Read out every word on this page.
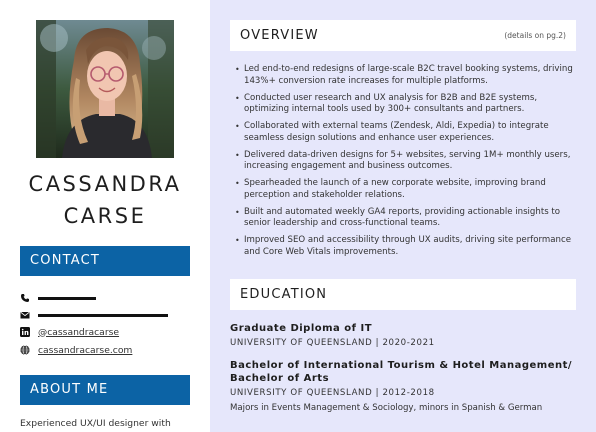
CASSANDRA
CARSE
CONTACT
@cassandracarse
cassandracarse.com
ABOUT ME
Experienced UX/UI designer with
OVERVIEW	(details on pg.2)
• Led end-to-end redesigns of large-scale B2C travel booking systems, driving 143%+ conversion rate increases for multiple platforms.
• Conducted user research and UX analysis for B2B and B2E systems, optimizing internal tools used by 300+ consultants and partners.
• Collaborated with external teams (Zendesk, Aldi, Expedia) to integrate seamless design solutions and enhance user experiences.
• Delivered data-driven designs for 5+ websites, serving 1M+ monthly users, increasing engagement and business outcomes.
• Spearheaded the launch of a new corporate website, improving brand perception and stakeholder relations.
• Built and automated weekly GA4 reports, providing actionable insights to senior leadership and cross-functional teams.
• Improved SEO and accessibility through UX audits, driving site performance and Core Web Vitals improvements.
EDUCATION
Graduate Diploma of IT
UNIVERSITY OF QUEENSLAND | 2020-2021
Bachelor of International Tourism & Hotel Management/ Bachelor of Arts
UNIVERSITY OF QUEENSLAND | 2012-2018
Majors in Events Management & Sociology, minors in Spanish & German
